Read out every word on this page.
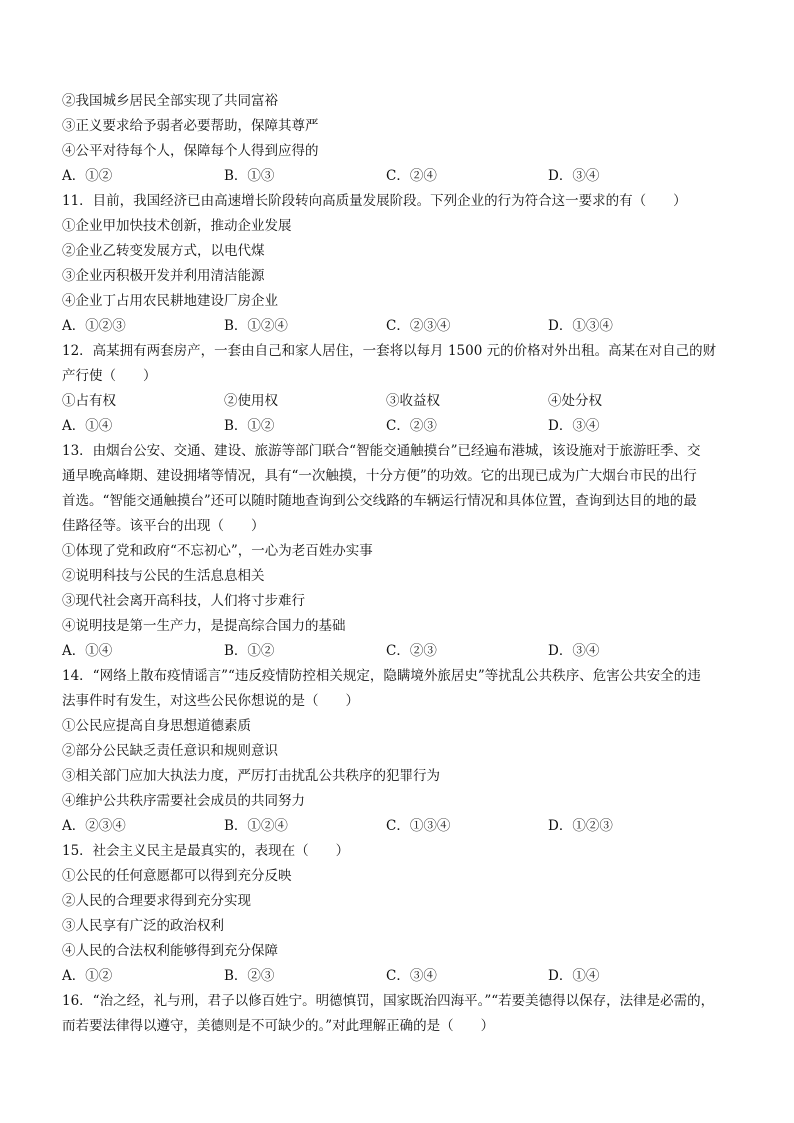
②我国城乡居民全部实现了共同富裕
③正义要求给予弱者必要帮助，保障其尊严
④公平对待每个人，保障每个人得到应得的
A．①②	B．①③	C．②④	D．③④
11．目前，我国经济已由高速增长阶段转向高质量发展阶段。下列企业的行为符合这一要求的有（　　）
①企业甲加快技术创新，推动企业发展
②企业乙转变发展方式，以电代煤
③企业丙积极开发并利用清洁能源
④企业丁占用农民耕地建设厂房企业
A．①②③	B．①②④	C．②③④	D．①③④
12．高某拥有两套房产，一套由自己和家人居住，一套将以每月 1500 元的价格对外出租。高某在对自己的财
产行使（　　）
①占有权	②使用权	③收益权	④处分权
A．①④	B．①②	C．②③	D．③④
13．由烟台公安、交通、建设、旅游等部门联合“智能交通触摸台”已经遍布港城，该设施对于旅游旺季、交
通早晚高峰期、建设拥堵等情况，具有“一次触摸，十分方便”的功效。它的出现已成为广大烟台市民的出行
首选。“智能交通触摸台”还可以随时随地查询到公交线路的车辆运行情况和具体位置，查询到达目的地的最
佳路径等。该平台的出现（　　）
①体现了党和政府“不忘初心”，一心为老百姓办实事
②说明科技与公民的生活息息相关
③现代社会离开高科技，人们将寸步难行
④说明技是第一生产力，是提高综合国力的基础
A．①④	B．①②	C．②③	D．③④
14．“网络上散布疫情谣言”“违反疫情防控相关规定，隐瞒境外旅居史”等扰乱公共秩序、危害公共安全的违
法事件时有发生，对这些公民你想说的是（　　）
①公民应提高自身思想道德素质
②部分公民缺乏责任意识和规则意识
③相关部门应加大执法力度，严厉打击扰乱公共秩序的犯罪行为
④维护公共秩序需要社会成员的共同努力
A．②③④	B．①②④	C．①③④	D．①②③
15．社会主义民主是最真实的，表现在（　　）
①公民的任何意愿都可以得到充分反映
②人民的合理要求得到充分实现
③人民享有广泛的政治权利
④人民的合法权利能够得到充分保障
A．①②	B．②③	C．③④	D．①④
16．“治之经，礼与刑，君子以修百姓宁。明德慎罚，国家既治四海平。”“若要美德得以保存，法律是必需的，
而若要法律得以遵守，美德则是不可缺少的。”对此理解正确的是（　　）
